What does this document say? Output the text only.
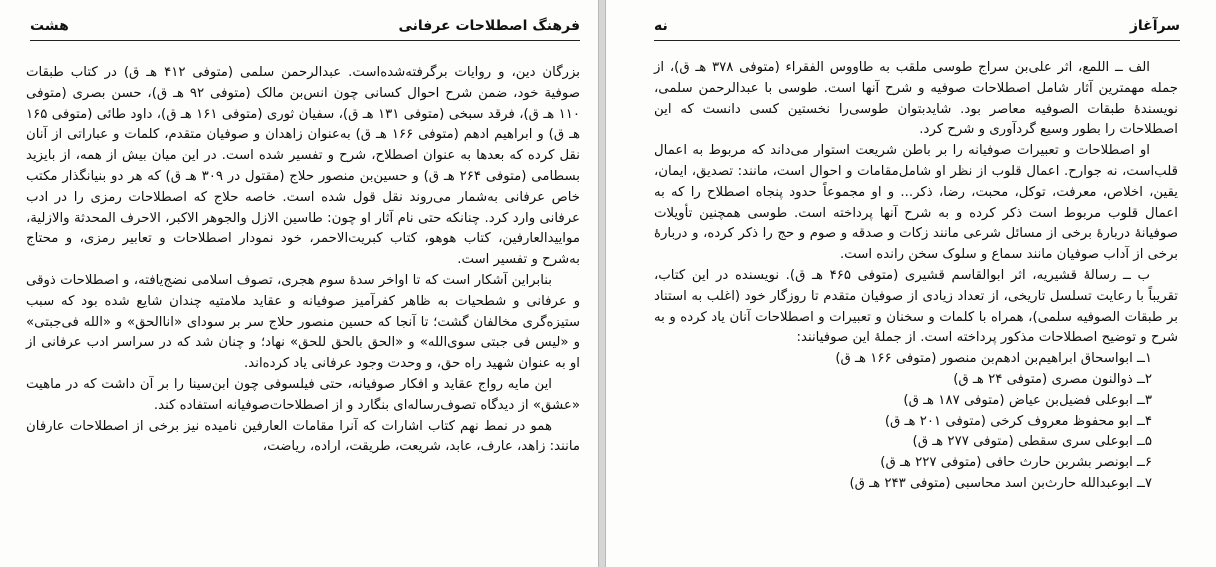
فرهنگ اصطلاحات عرفانی
هشت

بزرگان دین، و روایات برگرفته‌شده‌است. عبدالرحمن سلمی (متوفی ۴۱۲ هـ ق) در کتاب طبقات صوفیة خود، ضمن شرح احوال کسانی چون انس‌بن مالک (متوفی ۹۲ هـ ق)، حسن بصری (متوفی ۱۱۰ هـ ق)، فرقد سبخی (متوفی ۱۳۱ هـ ق)، سفیان ثوری (متوفی ۱۶۱ هـ ق)، داود طائی (متوفی ۱۶۵ هـ ق) و ابراهیم ادهم (متوفی ۱۶۶ هـ ق) به‌عنوان زاهدان و صوفیان متقدم، کلمات و عباراتی از آنان نقل کرده که بعدها به عنوان اصطلاح، شرح و تفسیر شده است. در این میان بیش از همه، از بایزید بسطامی (متوفی ۲۶۴ هـ ق) و حسین‌بن منصور حلاج (مقتول در ۳۰۹ هـ ق) که هر دو بنیانگذار مکتب خاص عرفانی به‌شمار می‌روند نقل قول شده است. خاصه حلاج که اصطلاحات رمزی را در ادب عرفانی وارد کرد. چنانکه حتی نام آثار او چون: طاسین الازل والجوهر الاکبر، الاحرف المحدثة والازلیة، مواییدالعارفین، کتاب هوهو، کتاب کبریت‌الاحمر، خود نمودار اصطلاحات و تعابیر رمزی، و محتاج به‌شرح و تفسیر است.

بنابراین آشکار است که تا اواخر سدهٔ سوم هجری، تصوف اسلامی نضج‌یافته، و اصطلاحات ذوقی و عرفانی و شطحیات به ظاهر کفرآمیز صوفیانه و عقاید ملامتیه چندان شایع شده بود که سبب ستیزه‌گری مخالفان گشت؛ تا آنجا که حسین منصور حلاج سر بر سودای «اناالحق» و «الله فی‌جبتی» و «لیس فی جبتی سوی‌الله» و «الحق بالحق للحق» نهاد؛ و چنان شد که در سراسر ادب عرفانی از او به عنوان شهید راه حق، و وحدت وجود عرفانی یاد کرده‌اند.

این مایه رواج عقاید و افکار صوفیانه، حتی فیلسوفی چون ابن‌سینا را بر آن داشت که در ماهیت «عشق» از دیدگاه تصوف‌رساله‌ای بنگارد و از اصطلاحات‌صوفیانه استفاده کند.

همو در نمط نهم کتاب اشارات که آنرا مقامات العارفین نامیده نیز برخی از اصطلاحات عارفان مانند: زاهد، عارف، عابد، شریعت، طریقت، اراده، ریاضت،

سرآغاز
نه

الف ــ اللمع، اثر علی‌بن سراج طوسی ملقب به طاووس الفقراء (متوفی ۳۷۸ هـ ق)، از جمله مهمترین آثار شامل اصطلاحات صوفیه و شرح آنها است. طوسی با عبدالرحمن سلمی، نویسندهٔ طبقات الصوفیه معاصر بود. شایدبتوان طوسی‌را نخستین کسی دانست که این اصطلاحات را بطور وسیع گردآوری و شرح کرد.

او اصطلاحات و تعبیرات صوفیانه را بر باطن شریعت استوار می‌داند که مربوط به اعمال قلب‌است، نه جوارح. اعمال قلوب از نظر او شامل‌مقامات و احوال است، مانند: تصدیق، ایمان، یقین، اخلاص، معرفت، توکل، محبت، رضا، ذکر... و او مجموعاً حدود پنجاه اصطلاح را که به اعمال قلوب مربوط است ذکر کرده و به شرح آنها پرداخته است. طوسی همچنین تأویلات صوفیانهٔ دربارهٔ برخی از مسائل شرعی مانند زکات و صدقه و صوم و حج را ذکر کرده، و دربارهٔ برخی از آداب صوفیان مانند سماع و سلوک سخن رانده است.

ب ــ رسالهٔ قشیریه، اثر ابوالقاسم قشیری (متوفی ۴۶۵ هـ ق). نویسنده در این کتاب، تقریباً با رعایت تسلسل تاریخی، از تعداد زیادی از صوفیان متقدم تا روزگار خود (اغلب به استناد بر طبقات الصوفیه سلمی)، همراه با کلمات و سخنان و تعبیرات و اصطلاحات آنان یاد کرده و به شرح و توضیح اصطلاحات مذکور پرداخته است. از جملهٔ این صوفیانند:

۱ــ ابواسحاق ابراهیم‌بن ادهم‌بن منصور (متوفی ۱۶۶ هـ ق)
۲ــ ذوالنون مصری (متوفی ۲۴ هـ ق)
۳ــ ابوعلی فضیل‌بن عیاض (متوفی ۱۸۷ هـ ق)
۴ــ ابو محفوظ معروف کرخی (متوفی ۲۰۱ هـ ق)
۵ــ ابوعلی سری سقطی (متوفی ۲۷۷ هـ ق)
۶ــ ابونصر بشربن حارث حافی (متوفی ۲۲۷ هـ ق)
۷ــ ابوعبدالله حارث‌بن اسد محاسبی (متوفی ۲۴۳ هـ ق)
